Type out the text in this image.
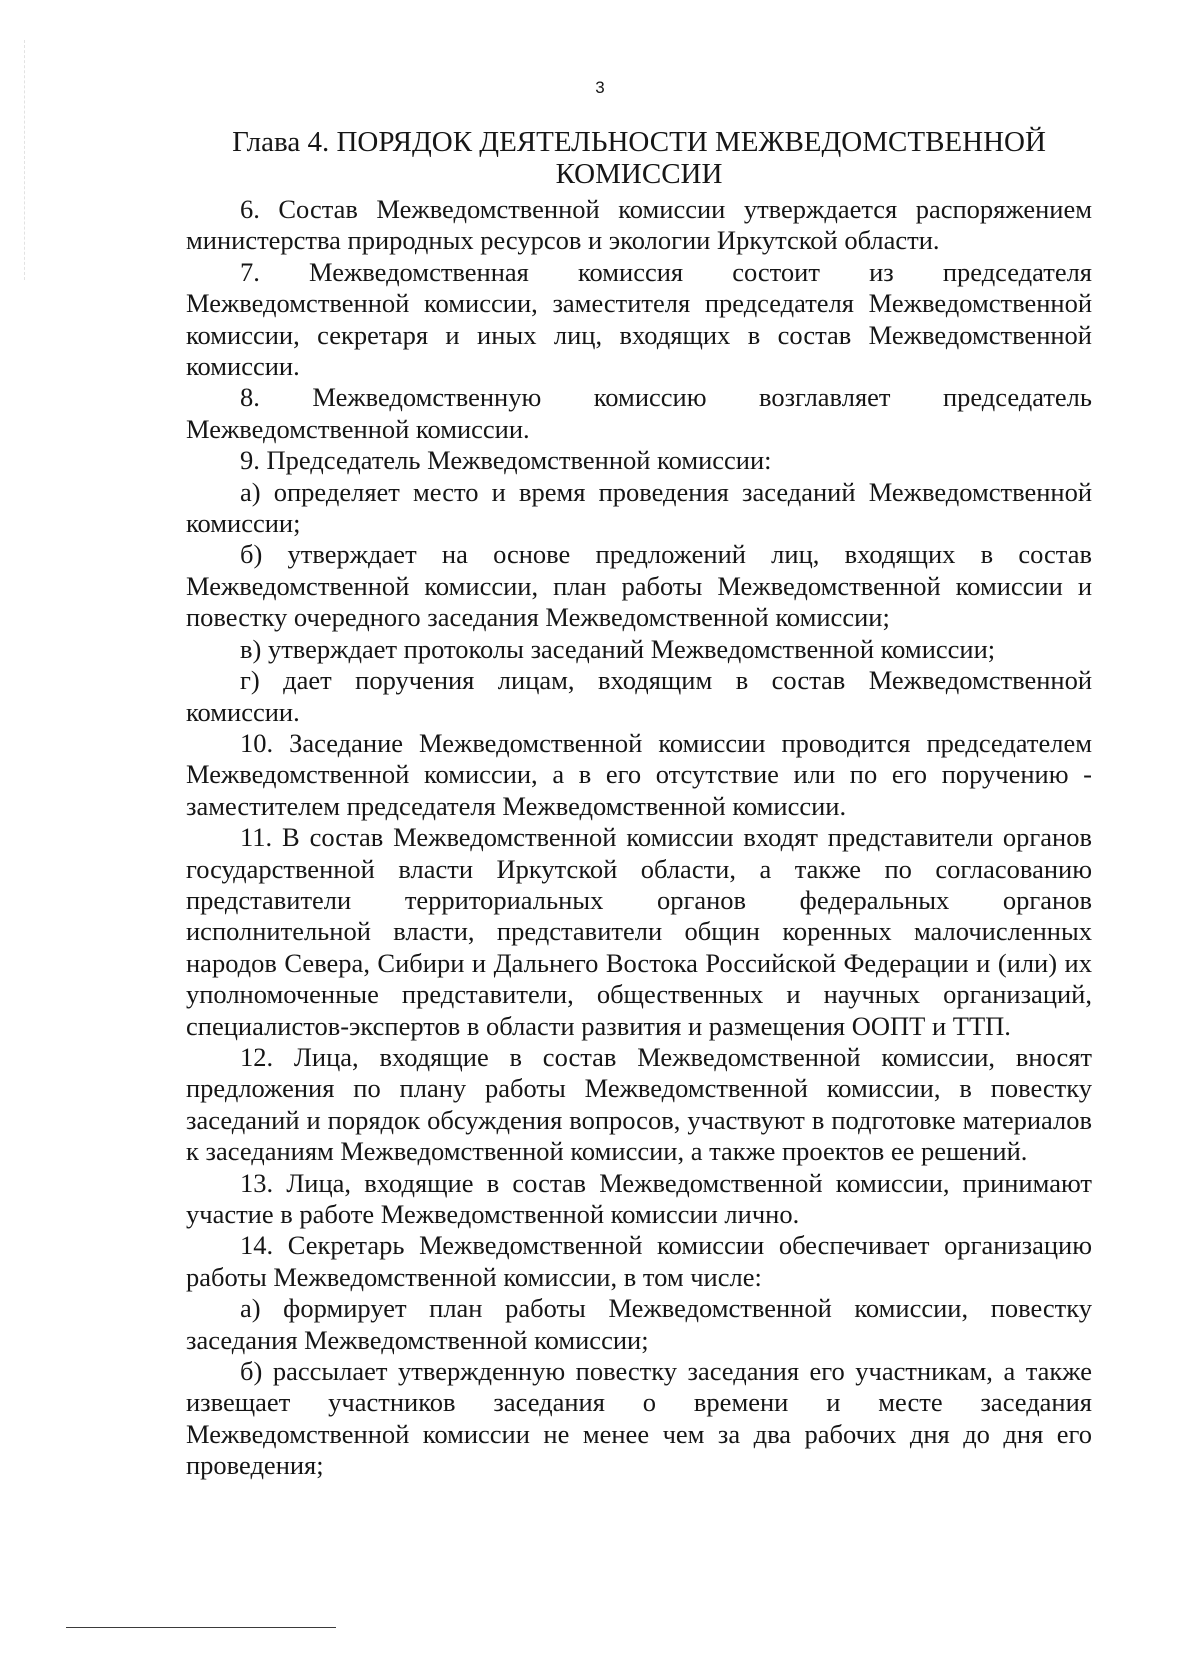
3
Глава 4. ПОРЯДОК ДЕЯТЕЛЬНОСТИ МЕЖВЕДОМСТВЕННОЙ
КОМИССИИ

6. Состав Межведомственной комиссии утверждается распоряжением министерства природных ресурсов и экологии Иркутской области.

7. Межведомственная комиссия состоит из председателя Межведомственной комиссии, заместителя председателя Межведомственной комиссии, секретаря и иных лиц, входящих в состав Межведомственной комиссии.

8. Межведомственную комиссию возглавляет председатель Межведомственной комиссии.

9. Председатель Межведомственной комиссии:

а) определяет место и время проведения заседаний Межведомственной комиссии;

б) утверждает на основе предложений лиц, входящих в состав Межведомственной комиссии, план работы Межведомственной комиссии и повестку очередного заседания Межведомственной комиссии;

в) утверждает протоколы заседаний Межведомственной комиссии;

г) дает поручения лицам, входящим в состав Межведомственной комиссии.

10. Заседание Межведомственной комиссии проводится председателем Межведомственной комиссии, а в его отсутствие или по его поручению - заместителем председателя Межведомственной комиссии.

11. В состав Межведомственной комиссии входят представители органов государственной власти Иркутской области, а также по согласованию представители территориальных органов федеральных органов исполнительной власти, представители общин коренных малочисленных народов Севера, Сибири и Дальнего Востока Российской Федерации и (или) их уполномоченные представители, общественных и научных организаций, специалистов-экспертов в области развития и размещения ООПТ и ТТП.

12. Лица, входящие в состав Межведомственной комиссии, вносят предложения по плану работы Межведомственной комиссии, в повестку заседаний и порядок обсуждения вопросов, участвуют в подготовке материалов к заседаниям Межведомственной комиссии, а также проектов ее решений.

13. Лица, входящие в состав Межведомственной комиссии, принимают участие в работе Межведомственной комиссии лично.

14. Секретарь Межведомственной комиссии обеспечивает организацию работы Межведомственной комиссии, в том числе:

а) формирует план работы Межведомственной комиссии, повестку заседания Межведомственной комиссии;

б) рассылает утвержденную повестку заседания его участникам, а также извещает участников заседания о времени и месте заседания Межведомственной комиссии не менее чем за два рабочих дня до дня его проведения;
